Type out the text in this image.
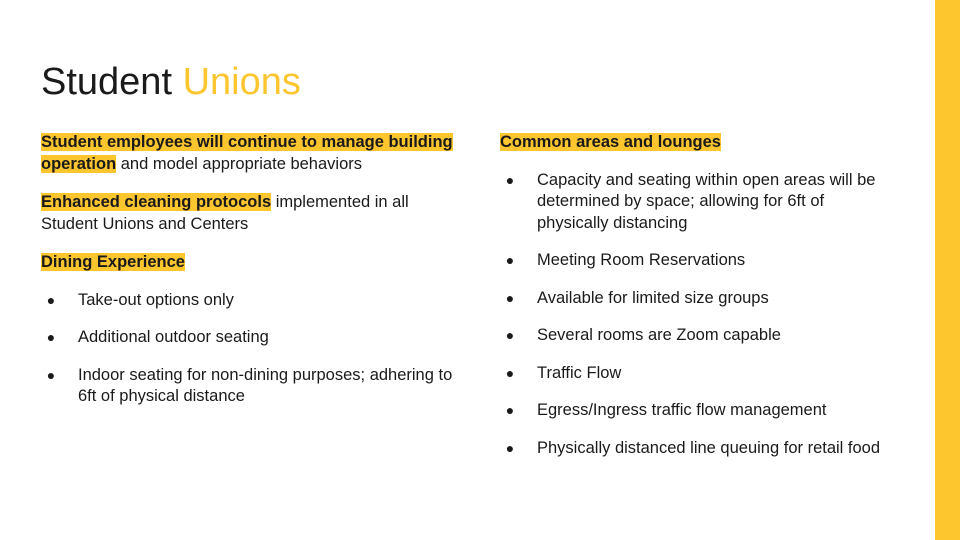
Student Unions

Student employees will continue to manage building operation and model appropriate behaviors

Enhanced cleaning protocols implemented in all Student Unions and Centers

Dining Experience

●	Take-out options only
●	Additional outdoor seating
●	Indoor seating for non-dining purposes; adhering to 6ft of physical distance

Common areas and lounges

●	Capacity and seating within open areas will be determined by space; allowing for 6ft of physically distancing
●	Meeting Room Reservations
●	Available for limited size groups
●	Several rooms are Zoom capable
●	Traffic Flow
●	Egress/Ingress traffic flow management
●	Physically distanced line queuing for retail food
